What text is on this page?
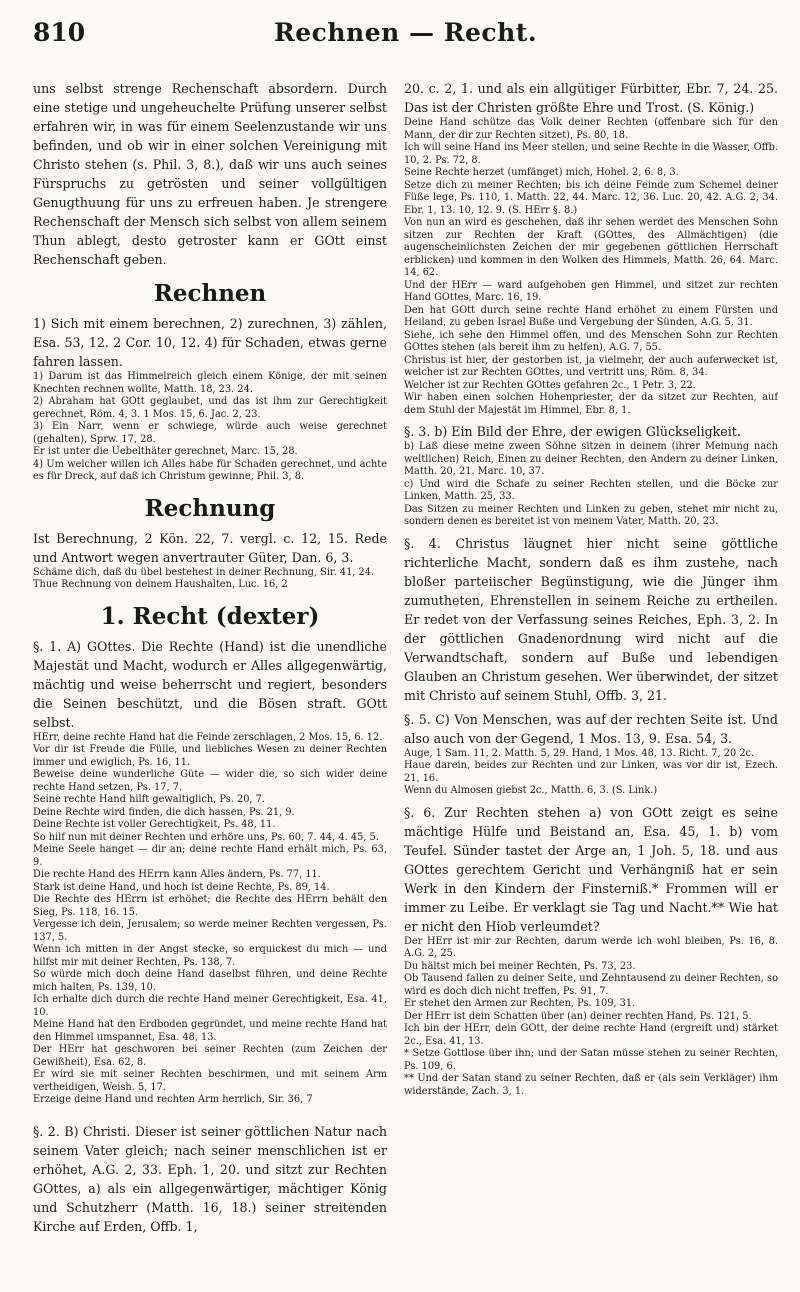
810	Rechnen — Recht.

uns selbst strenge Rechenschaft absordern. Durch eine stetige und ungeheuchelte Prüfung unserer selbst erfahren wir, in was für einem Seelenzustande wir uns befinden, und ob wir in einer solchen Vereinigung mit Christo stehen (s. Phil. 3, 8.), daß wir uns auch seines Fürspruchs zu getrösten und seiner vollgültigen Genugthuung für uns zu erfreuen haben. Je strengere Rechenschaft der Mensch sich selbst von allem seinem Thun ablegt, desto getroster kann er GOtt einst Rechenschaft geben.

Rechnen

1) Sich mit einem berechnen, 2) zurechnen, 3) zählen, Esa. 53, 12. 2 Cor. 10, 12. 4) für Schaden, etwas gerne fahren lassen.

1) Darum ist das Himmelreich gleich einem Könige, der mit seinen Knechten rechnen wollte, Matth. 18, 23. 24.

2) Abraham hat GOtt geglaubet, und das ist ihm zur Gerechtigkeit gerechnet, Röm. 4, 3. 1 Mos. 15, 6. Jac. 2, 23.

3) Ein Narr, wenn er schwiege, würde auch weise gerechnet (gehalten), Sprw. 17, 28.

Er ist unter die Uebelthäter gerechnet, Marc. 15, 28.

4) Um welcher willen ich Alles habe für Schaden gerechnet, und achte es für Dreck, auf daß ich Christum gewinne, Phil. 3, 8.

Rechnung

Ist Berechnung, 2 Kön. 22, 7. vergl. c. 12, 15. Rede und Antwort wegen anvertrauter Güter, Dan. 6, 3.

Schäme dich, daß du übel bestehest in deiner Rechnung, Sir. 41, 24.

Thue Rechnung von deinem Haushalten, Luc. 16, 2

1. Recht (dexter)

§. 1. A) GOttes. Die Rechte (Hand) ist die unendliche Majestät und Macht, wodurch er Alles allgegenwärtig, mächtig und weise beherrscht und regiert, besonders die Seinen beschützt, und die Bösen straft. GOtt selbst.

HErr, deine rechte Hand hat die Feinde zerschlagen, 2 Mos. 15, 6. 12.

Vor dir ist Freude die Fülle, und liebliches Wesen zu deiner Rechten immer und ewiglich, Ps. 16, 11.

Beweise deine wunderliche Güte — wider die, so sich wider deine rechte Hand setzen, Ps. 17, 7.

Seine rechte Hand hilft gewaltiglich, Ps. 20, 7.

Deine Rechte wird finden, die dich hassen, Ps. 21, 9.

Deine Rechte ist voller Gerechtigkeit, Ps. 48, 11.

So hilf nun mit deiner Rechten und erhöre uns, Ps. 60, 7. 44, 4. 45, 5.

Meine Seele hanget — dir an; deine rechte Hand erhält mich, Ps. 63, 9.

Die rechte Hand des HErrn kann Alles ändern, Ps. 77, 11.

Stark ist deine Hand, und hoch ist deine Rechte, Ps. 89, 14.

Die Rechte des HErrn ist erhöhet; die Rechte des HErrn behält den Sieg, Ps. 118, 16. 15.

Vergesse ich dein, Jerusalem; so werde meiner Rechten vergessen, Ps. 137, 5.

Wenn ich mitten in der Angst stecke, so erquickest du mich — und hilfst mir mit deiner Rechten, Ps. 138, 7.

So würde mich doch deine Hand daselbst führen, und deine Rechte mich halten, Ps. 139, 10.

Ich erhalte dich durch die rechte Hand meiner Gerechtigkeit, Esa. 41, 10.

Meine Hand hat den Erdboden gegründet, und meine rechte Hand hat den Himmel umspannet, Esa. 48, 13.

Der HErr hat geschworen bei seiner Rechten (zum Zeichen der Gewißheit), Esa. 62, 8.

Er wird sie mit seiner Rechten beschirmen, und mit seinem Arm vertheidigen, Weish. 5, 17.

Erzeige deine Hand und rechten Arm herrlich, Sir. 36, 7

§. 2. B) Christi. Dieser ist seiner göttlichen Natur nach seinem Vater gleich; nach seiner menschlichen ist er erhöhet, A.G. 2, 33. Eph. 1, 20. und sitzt zur Rechten GOttes, a) als ein allgegenwärtiger, mächtiger König und Schutzherr (Matth. 16, 18.) seiner streitenden Kirche auf Erden, Offb. 1,

20. c. 2, 1. und als ein allgütiger Fürbitter, Ebr. 7, 24. 25. Das ist der Christen größte Ehre und Trost. (S. König.)

Deine Hand schütze das Volk deiner Rechten (offenbare sich für den Mann, der dir zur Rechten sitzet), Ps. 80, 18.

Ich will seine Hand ins Meer stellen, und seine Rechte in die Wasser, Offb. 10, 2. Ps. 72, 8.

Seine Rechte herzet (umfänget) mich, Hohel. 2, 6. 8, 3.

Setze dich zu meiner Rechten; bis ich deine Feinde zum Schemel deiner Füße lege, Ps. 110, 1. Matth. 22, 44. Marc. 12, 36. Luc. 20, 42. A.G. 2, 34. Ebr. 1, 13. 10, 12. 9. (S. HErr §. 8.)

Von nun an wird es geschehen, daß ihr sehen werdet des Menschen Sohn sitzen zur Rechten der Kraft (GOttes, des Allmächtigen) (die augenscheinlichsten Zeichen der mir gegebenen göttlichen Herrschaft erblicken) und kommen in den Wolken des Himmels, Matth. 26, 64. Marc. 14, 62.

Und der HErr — ward aufgehoben gen Himmel, und sitzet zur rechten Hand GOttes, Marc. 16, 19.

Den hat GOtt durch seine rechte Hand erhöhet zu einem Fürsten und Heiland, zu geben Israel Buße und Vergebung der Sünden, A.G. 5, 31.

Siehe, ich sehe den Himmel offen, und des Menschen Sohn zur Rechten GOttes stehen (als bereit ihm zu helfen), A.G. 7, 55.

Christus ist hier, der gestorben ist, ja vielmehr, der auch auferwecket ist, welcher ist zur Rechten GOttes, und vertritt uns, Röm. 8, 34.

Welcher ist zur Rechten GOttes gefahren 2c., 1 Petr. 3, 22.

Wir haben einen solchen Hohenpriester, der da sitzet zur Rechten, auf dem Stuhl der Majestät im Himmel, Ebr. 8, 1.

§. 3. b) Ein Bild der Ehre, der ewigen Glückseligkeit.

b) Laß diese meine zween Söhne sitzen in deinem (ihrer Meinung nach weltlichen) Reich, Einen zu deiner Rechten, den Andern zu deiner Linken, Matth. 20, 21. Marc. 10, 37.

c) Und wird die Schafe zu seiner Rechten stellen, und die Böcke zur Linken, Matth. 25, 33.

Das Sitzen zu meiner Rechten und Linken zu geben, stehet mir nicht zu, sondern denen es bereitet ist von meinem Vater, Matth. 20, 23.

§. 4. Christus läugnet hier nicht seine göttliche richterliche Macht, sondern daß es ihm zustehe, nach bloßer parteiischer Begünstigung, wie die Jünger ihm zumutheten, Ehrenstellen in seinem Reiche zu ertheilen. Er redet von der Verfassung seines Reiches, Eph. 3, 2. In der göttlichen Gnadenordnung wird nicht auf die Verwandtschaft, sondern auf Buße und lebendigen Glauben an Christum gesehen. Wer überwindet, der sitzet mit Christo auf seinem Stuhl, Offb. 3, 21.

§. 5. C) Von Menschen, was auf der rechten Seite ist. Und also auch von der Gegend, 1 Mos. 13, 9. Esa. 54, 3.

Auge, 1 Sam. 11, 2. Matth. 5, 29. Hand, 1 Mos. 48, 13. Richt. 7, 20 2c.

Haue darein, beides zur Rechten und zur Linken, was vor dir ist, Ezech. 21, 16.

Wenn du Almosen giebst 2c., Matth. 6, 3. (S. Link.)

§. 6. Zur Rechten stehen a) von GOtt zeigt es seine mächtige Hülfe und Beistand an, Esa. 45, 1. b) vom Teufel. Sünder tastet der Arge an, 1 Joh. 5, 18. und aus GOttes gerechtem Gericht und Verhängniß hat er sein Werk in den Kindern der Finsterniß.* Frommen will er immer zu Leibe. Er verklagt sie Tag und Nacht.** Wie hat er nicht den Hiob verleumdet?

Der HErr ist mir zur Rechten, darum werde ich wohl bleiben, Ps. 16, 8. A.G. 2, 25.

Du hältst mich bei meiner Rechten, Ps. 73, 23.

Ob Tausend fallen zu deiner Seite, und Zehntausend zu deiner Rechten, so wird es doch dich nicht treffen, Ps. 91, 7.

Er stehet den Armen zur Rechten, Ps. 109, 31.

Der HErr ist dein Schatten über (an) deiner rechten Hand, Ps. 121, 5.

Ich bin der HErr, dein GOtt, der deine rechte Hand (ergreift und) stärket 2c., Esa. 41, 13.

* Setze Gottlose über ihn; und der Satan müsse stehen zu seiner Rechten, Ps. 109, 6.

** Und der Satan stand zu seiner Rechten, daß er (als sein Verkläger) ihm widerstände, Zach. 3, 1.
